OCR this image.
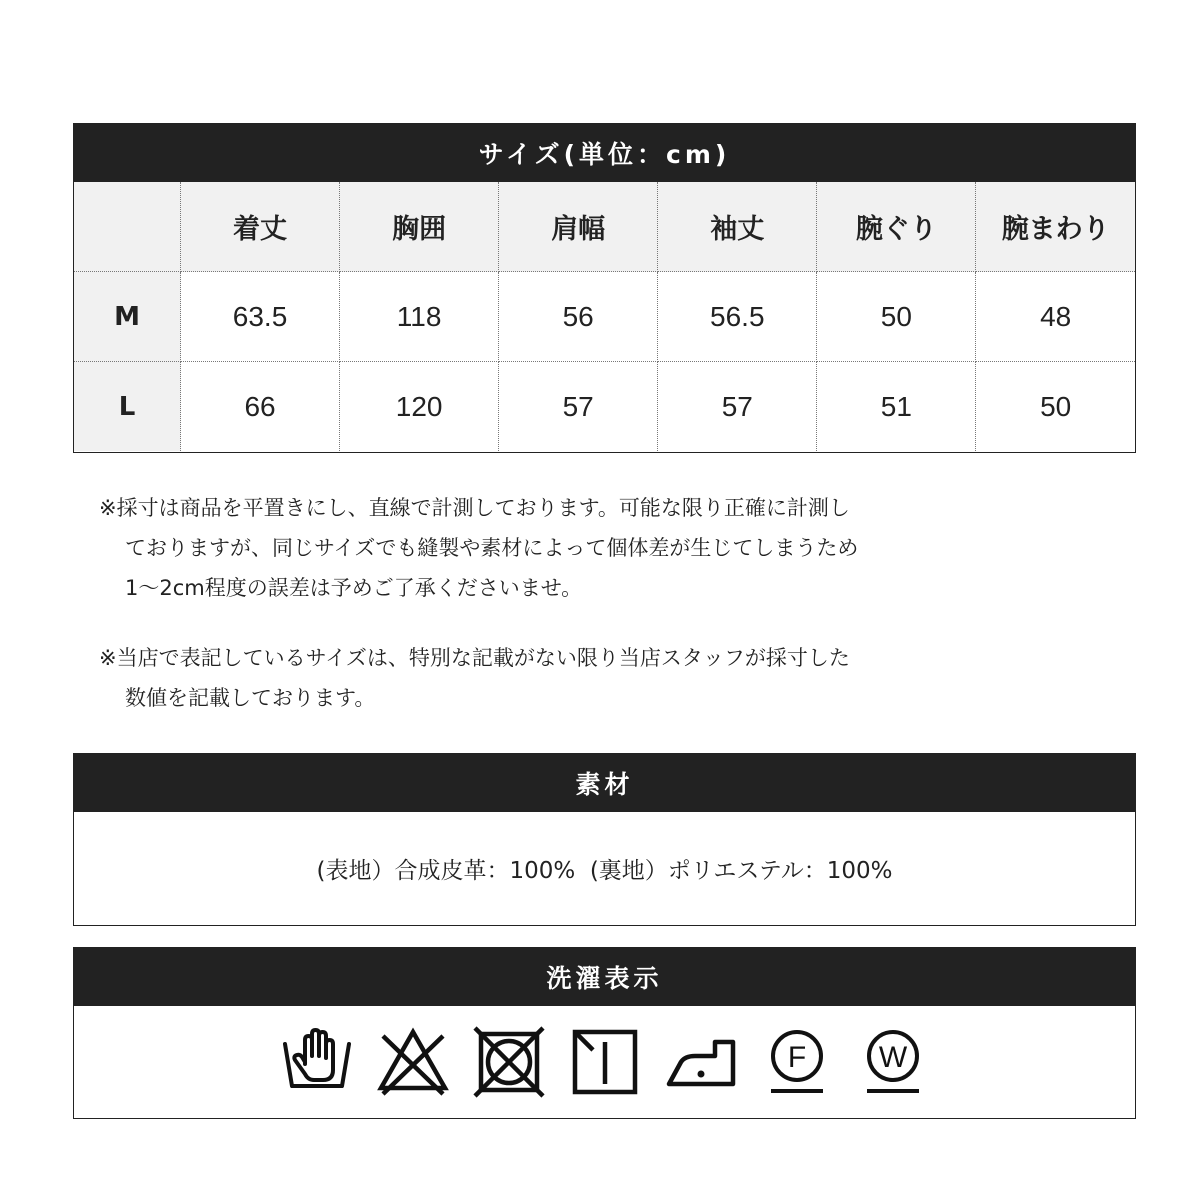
サイズ(単位：cm)
	着丈	胸囲	肩幅	袖丈	腕ぐり	腕まわり
M	63.5	118	56	56.5	50	48
L	66	120	57	57	51	50
※採寸は商品を平置きにし、直線で計測しております。可能な限り正確に計測し
ておりますが、同じサイズでも縫製や素材によって個体差が生じてしまうため
1〜2cm程度の誤差は予めご了承くださいませ。
※当店で表記しているサイズは、特別な記載がない限り当店スタッフが採寸した
数値を記載しております。
素材
(表地）合成皮革：100%  (裏地）ポリエステル：100%
洗濯表示
F W
